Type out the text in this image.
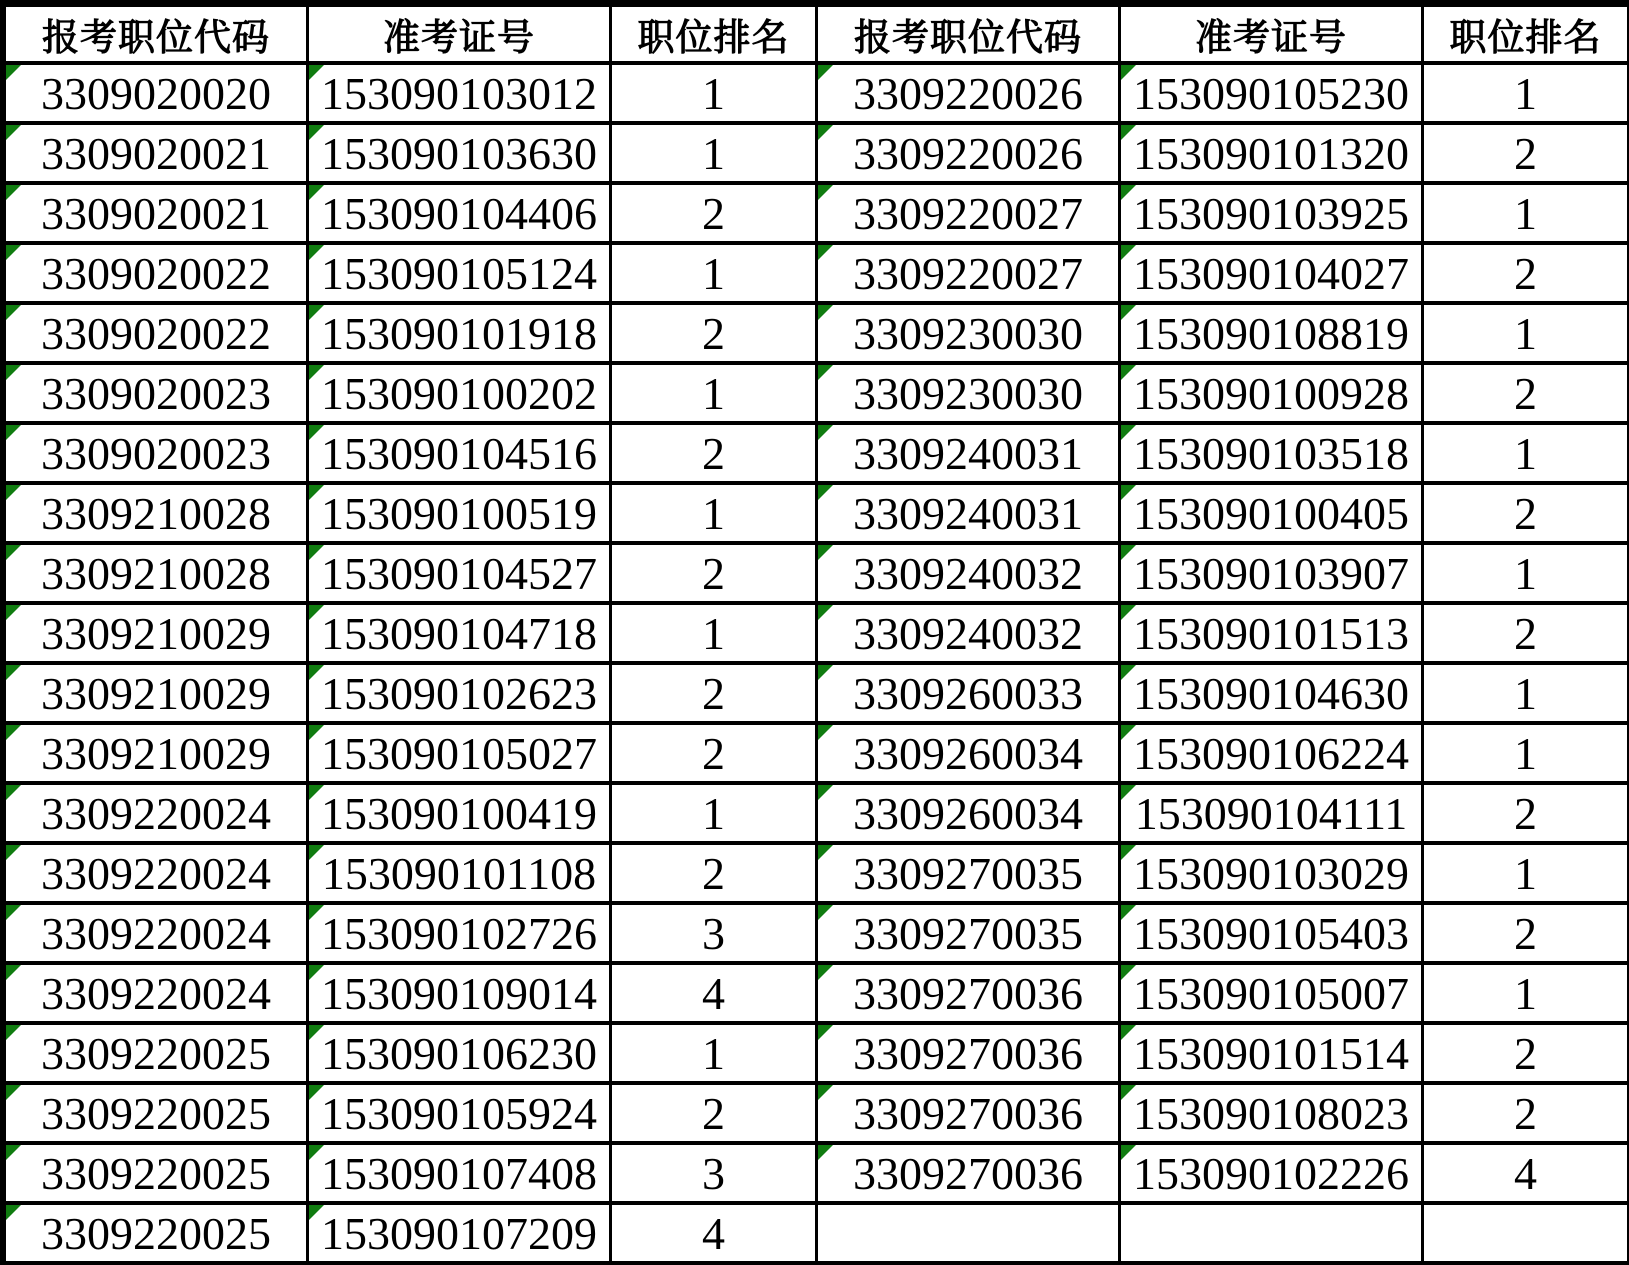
报考职位代码	准考证号	职位排名	报考职位代码	准考证号	职位排名

3309020020	153090103012	1	3309220026	153090105230	1

3309020021	153090103630	1	3309220026	153090101320	2

3309020021	153090104406	2	3309220027	153090103925	1

3309020022	153090105124	1	3309220027	153090104027	2

3309020022	153090101918	2	3309230030	153090108819	1

3309020023	153090100202	1	3309230030	153090100928	2

3309020023	153090104516	2	3309240031	153090103518	1

3309210028	153090100519	1	3309240031	153090100405	2

3309210028	153090104527	2	3309240032	153090103907	1

3309210029	153090104718	1	3309240032	153090101513	2

3309210029	153090102623	2	3309260033	153090104630	1

3309210029	153090105027	2	3309260034	153090106224	1

3309220024	153090100419	1	3309260034	153090104111	2

3309220024	153090101108	2	3309270035	153090103029	1

3309220024	153090102726	3	3309270035	153090105403	2

3309220024	153090109014	4	3309270036	153090105007	1

3309220025	153090106230	1	3309270036	153090101514	2

3309220025	153090105924	2	3309270036	153090108023	2

3309220025	153090107408	3	3309270036	153090102226	4

3309220025	153090107209	4			
